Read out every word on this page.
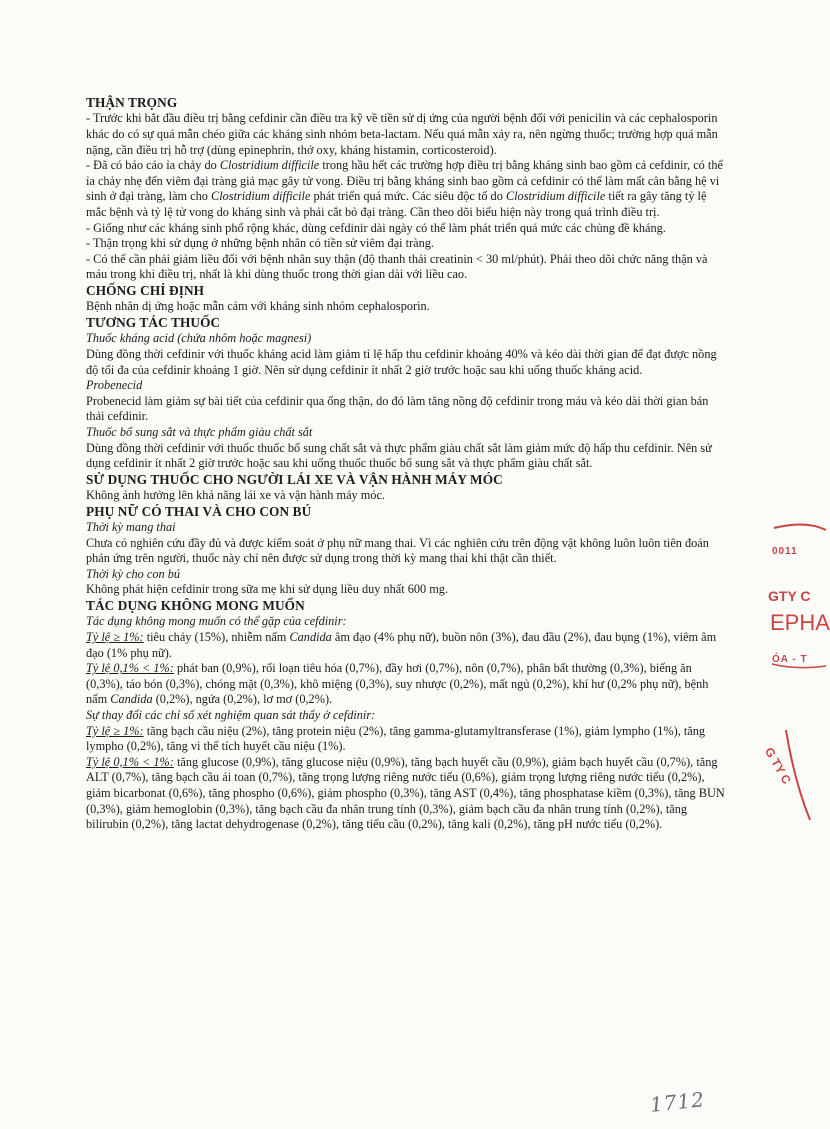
THẬN TRỌNG

- Trước khi bắt đầu điều trị bằng cefdinir cần điều tra kỹ về tiền sử dị ứng của người bệnh đối với penicilin và các cephalosporin khác do có sự quá mẫn chéo giữa các kháng sinh nhóm beta-lactam. Nếu quá mẫn xảy ra, nên ngừng thuốc; trường hợp quá mẫn nặng, cần điều trị hỗ trợ (dùng epinephrin, thở oxy, kháng histamin, corticosteroid).

- Đã có báo cáo ỉa chảy do Clostridium difficile trong hầu hết các trường hợp điều trị bằng kháng sinh bao gồm cả cefdinir, có thể ỉa chảy nhẹ đến viêm đại tràng giả mạc gây tử vong. Điều trị bằng kháng sinh bao gồm cả cefdinir có thể làm mất cân bằng hệ vi sinh ở đại tràng, làm cho Clostridium difficile phát triển quá mức. Các siêu độc tố do Clostridium difficile tiết ra gây tăng tỷ lệ mắc bệnh và tỷ lệ tử vong do kháng sinh và phải cắt bỏ đại tràng. Cần theo dõi biểu hiện này trong quá trình điều trị.

- Giống như các kháng sinh phổ rộng khác, dùng cefdinir dài ngày có thể làm phát triển quá mức các chủng đề kháng.

- Thận trọng khi sử dụng ở những bệnh nhân có tiền sử viêm đại tràng.

- Có thể cần phải giảm liều đối với bệnh nhân suy thận (độ thanh thải creatinin < 30 ml/phút). Phải theo dõi chức năng thận và máu trong khi điều trị, nhất là khi dùng thuốc trong thời gian dài với liều cao.

CHỐNG CHỈ ĐỊNH

Bệnh nhân dị ứng hoặc mẫn cảm với kháng sinh nhóm cephalosporin.

TƯƠNG TÁC THUỐC

Thuốc kháng acid (chứa nhôm hoặc magnesi)

Dùng đồng thời cefdinir với thuốc kháng acid làm giảm tỉ lệ hấp thu cefdinir khoảng 40% và kéo dài thời gian để đạt được nồng độ tối đa của cefdinir khoảng 1 giờ. Nên sử dụng cefdinir ít nhất 2 giờ trước hoặc sau khi uống thuốc kháng acid.

Probenecid

Probenecid làm giảm sự bài tiết của cefdinir qua ống thận, do đó làm tăng nồng độ cefdinir trong máu và kéo dài thời gian bán thải cefdinir.

Thuốc bổ sung sắt và thực phẩm giàu chất sắt

Dùng đồng thời cefdinir với thuốc thuốc bổ sung chất sắt và thực phẩm giàu chất sắt làm giảm mức độ hấp thu cefdinir. Nên sử dụng cefdinir ít nhất 2 giờ trước hoặc sau khi uống thuốc thuốc bổ sung sắt và thực phẩm giàu chất sắt.

SỬ DỤNG THUỐC CHO NGƯỜI LÁI XE VÀ VẬN HÀNH MÁY MÓC

Không ảnh hưởng lên khả năng lái xe và vận hành máy móc.

PHỤ NỮ CÓ THAI VÀ CHO CON BÚ

Thời kỳ mang thai

Chưa có nghiên cứu đầy đủ và được kiểm soát ở phụ nữ mang thai. Vì các nghiên cứu trên động vật không luôn luôn tiên đoán phản ứng trên người, thuốc này chỉ nên được sử dụng trong thời kỳ mang thai khi thật cần thiết.

Thời kỳ cho con bú

Không phát hiện cefdinir trong sữa mẹ khi sử dụng liều duy nhất 600 mg.

TÁC DỤNG KHÔNG MONG MUỐN

Tác dụng không mong muốn có thể gặp của cefdinir:

Tỷ lệ ≥ 1%: tiêu chảy (15%), nhiễm nấm Candida âm đạo (4% phụ nữ), buồn nôn (3%), đau đầu (2%), đau bụng (1%), viêm âm đạo (1% phụ nữ).

Tỷ lệ 0,1% < 1%: phát ban (0,9%), rối loạn tiêu hóa (0,7%), đầy hơi (0,7%), nôn (0,7%), phân bất thường (0,3%), biếng ăn (0,3%), táo bón (0,3%), chóng mặt (0,3%), khô miệng (0,3%), suy nhược (0,2%), mất ngủ (0,2%), khí hư (0,2% phụ nữ), bệnh nấm Candida (0,2%), ngứa (0,2%), lơ mơ (0,2%).

Sự thay đổi các chỉ số xét nghiệm quan sát thấy ở cefdinir:

Tỷ lệ ≥ 1%: tăng bạch cầu niệu (2%), tăng protein niệu (2%), tăng gamma-glutamyltransferase (1%), giảm lympho (1%), tăng lympho (0,2%), tăng vi thể tích huyết cầu niệu (1%).

Tỷ lệ 0,1% < 1%: tăng glucose (0,9%), tăng glucose niệu (0,9%), tăng bạch huyết cầu (0,9%), giảm bạch huyết cầu (0,7%), tăng ALT (0,7%), tăng bạch cầu ái toan (0,7%), tăng trọng lượng riêng nước tiểu (0,6%), giảm trọng lượng riêng nước tiểu (0,2%), giảm bicarbonat (0,6%), tăng phospho (0,6%), giảm phospho (0,3%), tăng AST (0,4%), tăng phosphatase kiềm (0,3%), tăng BUN (0,3%), giảm hemoglobin (0,3%), tăng bạch cầu đa nhân trung tính (0,3%), giảm bạch cầu đa nhân trung tính (0,2%), tăng bilirubin (0,2%), tăng lactat dehydrogenase (0,2%), tăng tiểu cầu (0,2%), tăng kali (0,2%), tăng pH nước tiểu (0,2%).

0011
GTY C
EPHA
ÓA - T
G TY C
1712
